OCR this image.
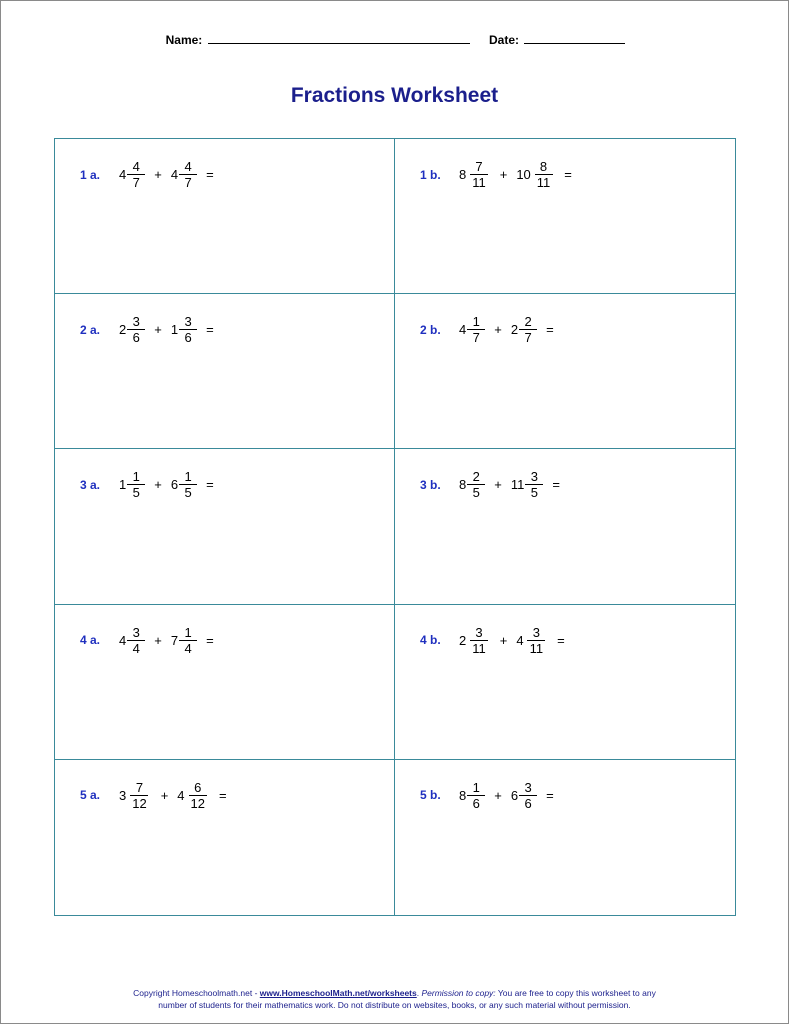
Name:	Date:
Fractions Worksheet
1 a.	$4 \frac{4}{7} + 4 \frac{4}{7}$ =	1 b.	$8 \frac{7}{11} + 10 \frac{8}{11}$ =
2 a.	$2 \frac{3}{6} + 1 \frac{3}{6}$ =	2 b.	$4 \frac{1}{7} + 2 \frac{2}{7}$ =
3 a.	$1 \frac{1}{5} + 6 \frac{1}{5}$ =	3 b.	$8 \frac{2}{5} + 11 \frac{3}{5}$ =
4 a.	$4 \frac{3}{4} + 7 \frac{1}{4}$ =	4 b.	$2 \frac{3}{11} + 4 \frac{3}{11}$ =
5 a.	$3 \frac{7}{12} + 4 \frac{6}{12}$ =	5 b.	$8 \frac{1}{6} + 6 \frac{3}{6}$ =
Copyright Homeschoolmath.net - www.HomeschoolMath.net/worksheets. Permission to copy: You are free to copy this worksheet to any
number of students for their mathematics work. Do not distribute on websites, books, or any such material without permission.
